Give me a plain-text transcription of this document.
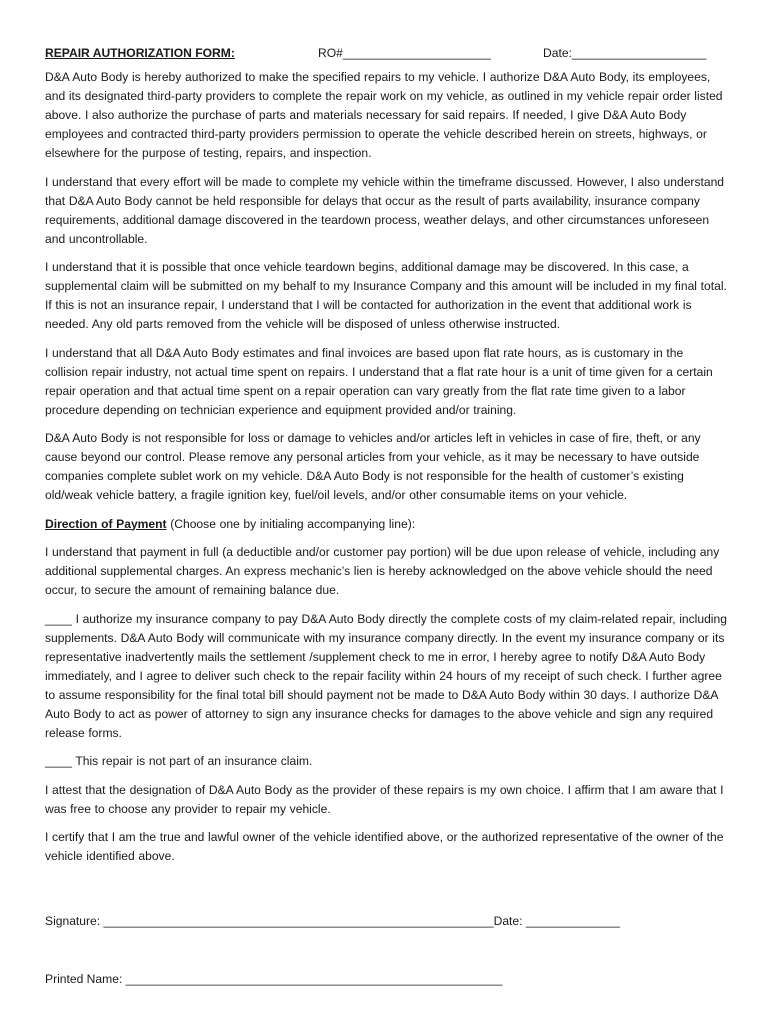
REPAIR AUTHORIZATION FORM:	RO#______________________	Date:____________________

D&A Auto Body is hereby authorized to make the specified repairs to my vehicle. I authorize D&A Auto Body, its employees, and its designated third-party providers to complete the repair work on my vehicle, as outlined in my vehicle repair order listed above. I also authorize the purchase of parts and materials necessary for said repairs. If needed, I give D&A Auto Body employees and contracted third-party providers permission to operate the vehicle described herein on streets, highways, or elsewhere for the purpose of testing, repairs, and inspection.

I understand that every effort will be made to complete my vehicle within the timeframe discussed. However, I also understand that D&A Auto Body cannot be held responsible for delays that occur as the result of parts availability, insurance company requirements, additional damage discovered in the teardown process, weather delays, and other circumstances unforeseen and uncontrollable.

I understand that it is possible that once vehicle teardown begins, additional damage may be discovered. In this case, a supplemental claim will be submitted on my behalf to my Insurance Company and this amount will be included in my final total. If this is not an insurance repair, I understand that I will be contacted for authorization in the event that additional work is needed. Any old parts removed from the vehicle will be disposed of unless otherwise instructed.

I understand that all D&A Auto Body estimates and final invoices are based upon flat rate hours, as is customary in the collision repair industry, not actual time spent on repairs. I understand that a flat rate hour is a unit of time given for a certain repair operation and that actual time spent on a repair operation can vary greatly from the flat rate time given to a labor procedure depending on technician experience and equipment provided and/or training.

D&A Auto Body is not responsible for loss or damage to vehicles and/or articles left in vehicles in case of fire, theft, or any cause beyond our control. Please remove any personal articles from your vehicle, as it may be necessary to have outside companies complete sublet work on my vehicle. D&A Auto Body is not responsible for the health of customer’s existing old/weak vehicle battery, a fragile ignition key, fuel/oil levels, and/or other consumable items on your vehicle.

Direction of Payment (Choose one by initialing accompanying line):

I understand that payment in full (a deductible and/or customer pay portion) will be due upon release of vehicle, including any additional supplemental charges. An express mechanic’s lien is hereby acknowledged on the above vehicle should the need occur, to secure the amount of remaining balance due.

____ I authorize my insurance company to pay D&A Auto Body directly the complete costs of my claim-related repair, including supplements. D&A Auto Body will communicate with my insurance company directly. In the event my insurance company or its representative inadvertently mails the settlement /supplement check to me in error, I hereby agree to notify D&A Auto Body immediately, and I agree to deliver such check to the repair facility within 24 hours of my receipt of such check. I further agree to assume responsibility for the final total bill should payment not be made to D&A Auto Body within 30 days. I authorize D&A Auto Body to act as power of attorney to sign any insurance checks for damages to the above vehicle and sign any required release forms.

____ This repair is not part of an insurance claim.

I attest that the designation of D&A Auto Body as the provider of these repairs is my own choice. I affirm that I am aware that I was free to choose any provider to repair my vehicle.

I certify that I am the true and lawful owner of the vehicle identified above, or the authorized representative of the owner of the vehicle identified above.

Signature: __________________________________________________________Date: ______________
Printed Name: ________________________________________________________
